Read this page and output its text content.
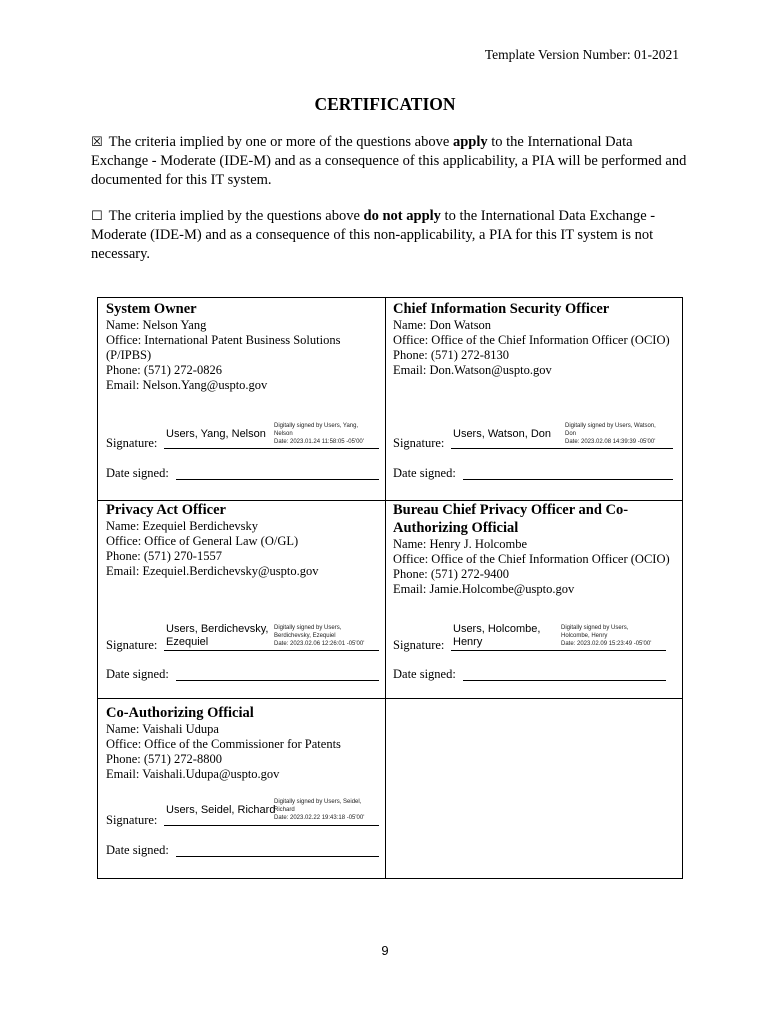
Template Version Number: 01-2021
CERTIFICATION
☒ The criteria implied by one or more of the questions above apply to the International Data Exchange - Moderate (IDE-M) and as a consequence of this applicability, a PIA will be performed and documented for this IT system.
☐ The criteria implied by the questions above do not apply to the International Data Exchange - Moderate (IDE-M) and as a consequence of this non-applicability, a PIA for this IT system is not necessary.
System Owner
Name: Nelson Yang
Office: International Patent Business Solutions
(P/IPBS)
Phone: (571) 272-0826
Email: Nelson.Yang@uspto.gov
Signature:
Users, Yang, Nelson
Digitally signed by Users, Yang,
Nelson
Date: 2023.01.24 11:58:05 -05'00'
Date signed:
Chief Information Security Officer
Name: Don Watson
Office: Office of the Chief Information Officer (OCIO)
Phone: (571) 272-8130
Email: Don.Watson@uspto.gov
Signature:
Users, Watson, Don
Digitally signed by Users, Watson,
Don
Date: 2023.02.08 14:39:39 -05'00'
Date signed:
Privacy Act Officer
Name: Ezequiel Berdichevsky
Office: Office of General Law (O/GL)
Phone: (571) 270-1557
Email: Ezequiel.Berdichevsky@uspto.gov
Signature:
Users, Berdichevsky,
Ezequiel
Digitally signed by Users,
Berdichevsky, Ezequiel
Date: 2023.02.06 12:26:01 -05'00'
Date signed:
Bureau Chief Privacy Officer and Co-
Authorizing Official
Name: Henry J. Holcombe
Office: Office of the Chief Information Officer (OCIO)
Phone: (571) 272-9400
Email: Jamie.Holcombe@uspto.gov
Signature:
Users, Holcombe,
Henry
Digitally signed by Users,
Holcombe, Henry
Date: 2023.02.09 15:23:49 -05'00'
Date signed:
Co-Authorizing Official
Name: Vaishali Udupa
Office: Office of the Commissioner for Patents
Phone: (571) 272-8800
Email: Vaishali.Udupa@uspto.gov
Signature:
Users, Seidel, Richard
Digitally signed by Users, Seidel,
Richard
Date: 2023.02.22 19:43:18 -05'00'
Date signed:
9
